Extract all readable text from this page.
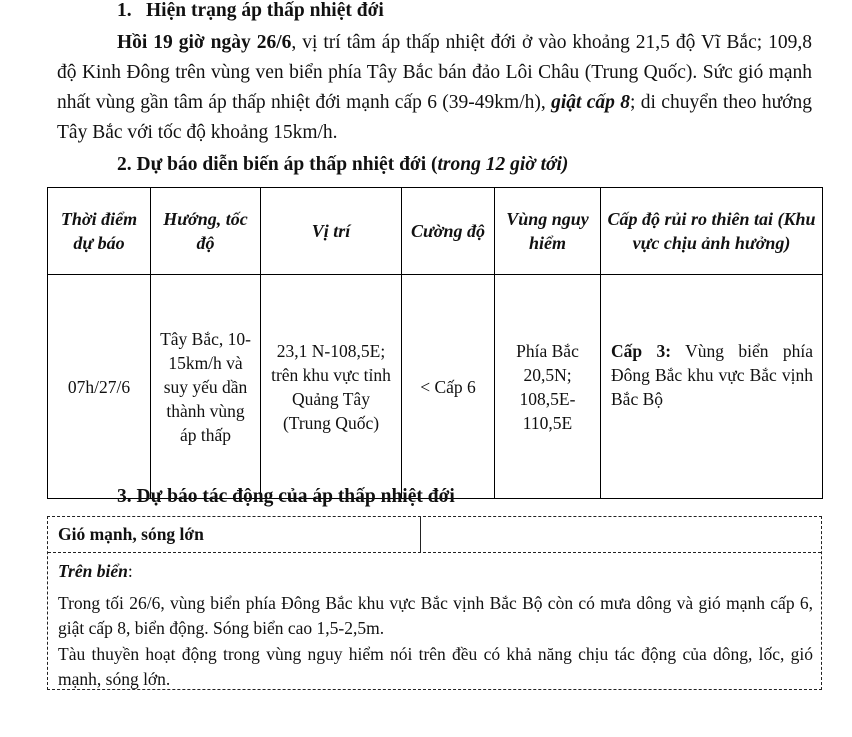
1. Hiện trạng áp thấp nhiệt đới
Hồi 19 giờ ngày 26/6, vị trí tâm áp thấp nhiệt đới ở vào khoảng 21,5 độ Vĩ Bắc; 109,8 độ Kinh Đông trên vùng ven biển phía Tây Bắc bán đảo Lôi Châu (Trung Quốc). Sức gió mạnh nhất vùng gần tâm áp thấp nhiệt đới mạnh cấp 6 (39-49km/h), giật cấp 8; di chuyển theo hướng Tây Bắc với tốc độ khoảng 15km/h.
2. Dự báo diễn biến áp thấp nhiệt đới (trong 12 giờ tới)
Thời điểm dự báo	Hướng, tốc độ	Vị trí	Cường độ	Vùng nguy hiểm	Cấp độ rủi ro thiên tai (Khu vực chịu ảnh hưởng)
07h/27/6	Tây Bắc, 10-15km/h và suy yếu dần thành vùng áp thấp	23,1 N-108,5E; trên khu vực tỉnh Quảng Tây (Trung Quốc)	< Cấp 6	Phía Bắc 20,5N; 108,5E-110,5E	Cấp 3: Vùng biển phía Đông Bắc khu vực Bắc vịnh Bắc Bộ
3. Dự báo tác động của áp thấp nhiệt đới
Gió mạnh, sóng lớn
Trên biển:

Trong tối 26/6, vùng biển phía Đông Bắc khu vực Bắc vịnh Bắc Bộ còn có mưa dông và gió mạnh cấp 6, giật cấp 8, biển động. Sóng biển cao 1,5-2,5m.

Tàu thuyền hoạt động trong vùng nguy hiểm nói trên đều có khả năng chịu tác động của dông, lốc, gió mạnh, sóng lớn.
